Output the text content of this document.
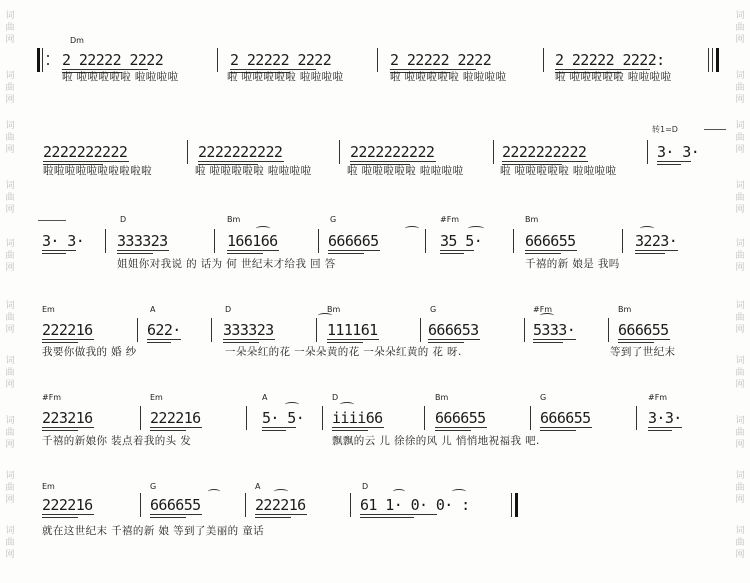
词
曲
网
词
曲
网
词
曲
网
词
曲
网
词
曲
网
词
曲
网
词
曲
网
词
曲
网
词
曲
网
词
曲
网
词
曲
网
词
曲
网
词
曲
网
词
曲
网
词
曲
网
词
曲
网
词
曲
网
词
曲
网
词
曲
网
词
曲
网
Dm
2 22222 2222	2 22222 2222	2 22222 2222	2 22222 2222:
啦 啦啦啦啦啦 啦啦啦啦	啦 啦啦啦啦啦 啦啦啦啦	啦 啦啦啦啦啦 啦啦啦啦	啦 啦啦啦啦啦 啦啦啦啦
2222222222	2222222222	2222222222	2222222222	3· 3·
啦啦啦啦啦啦啦啦啦啦	啦 啦啦啦啦啦 啦啦啦啦	啦 啦啦啦啦啦 啦啦啦啦	啦 啦啦啦啦啦 啦啦啦啦
D	Bm	G	#Fm	Bm
3· 3· 333323	166166	666665	35 5·	666655	3223·
姐姐你对我说 的 话为 何 世纪末才给我 回 答	千禧的新 娘是 我吗
Em	A	D	Bm	G	#Fm	Bm
222216	622·	333323	111161	666653	5333·	666655
我要你做我的 婚 纱	一朵朵红的花 一朵朵黄的花 一朵朵红黄的 花 呀.	等到了世纪末
#Fm	Em	A	D	Bm	G	#Fm
223216	222216	5· 5· iiii66	666655	666655	3·3·
千禧的新娘你 装点着我的头 发	飘飘的云 儿 徐徐的风 儿 悄悄地祝福我 吧.
Em	G	A	D
222216	666655	222216	61 1· 0· 0· :
就在这世纪末 千禧的新 娘 等到了美丽的 童话
转1=D
